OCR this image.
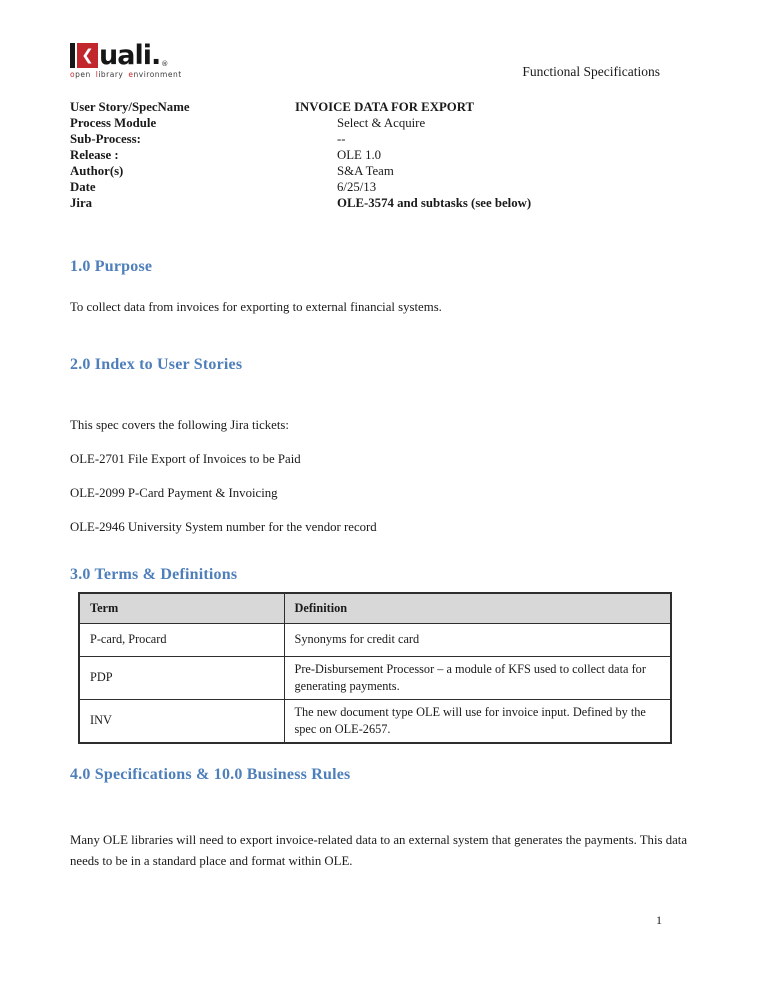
❮ uali. ®
open library environment	Functional Specifications
User Story/SpecName	INVOICE DATA FOR EXPORT
Process Module	Select & Acquire
Sub-Process:	--
Release :	OLE 1.0
Author(s)	S&A Team
Date	6/25/13
Jira	OLE-3574 and subtasks (see below)
1.0 Purpose
To collect data from invoices for exporting to external financial systems.
2.0 Index to User Stories
This spec covers the following Jira tickets:
OLE-2701 File Export of Invoices to be Paid
OLE-2099 P-Card Payment & Invoicing
OLE-2946 University System number for the vendor record
3.0 Terms & Definitions
Term	Definition
P-card, Procard	Synonyms for credit card
PDP	Pre-Disbursement Processor – a module of KFS used to collect data for generating payments.
INV	The new document type OLE will use for invoice input. Defined by the spec on OLE-2657.
4.0 Specifications & 10.0 Business Rules
Many OLE libraries will need to export invoice-related data to an external system that generates the payments. This data needs to be in a standard place and format within OLE.
1
